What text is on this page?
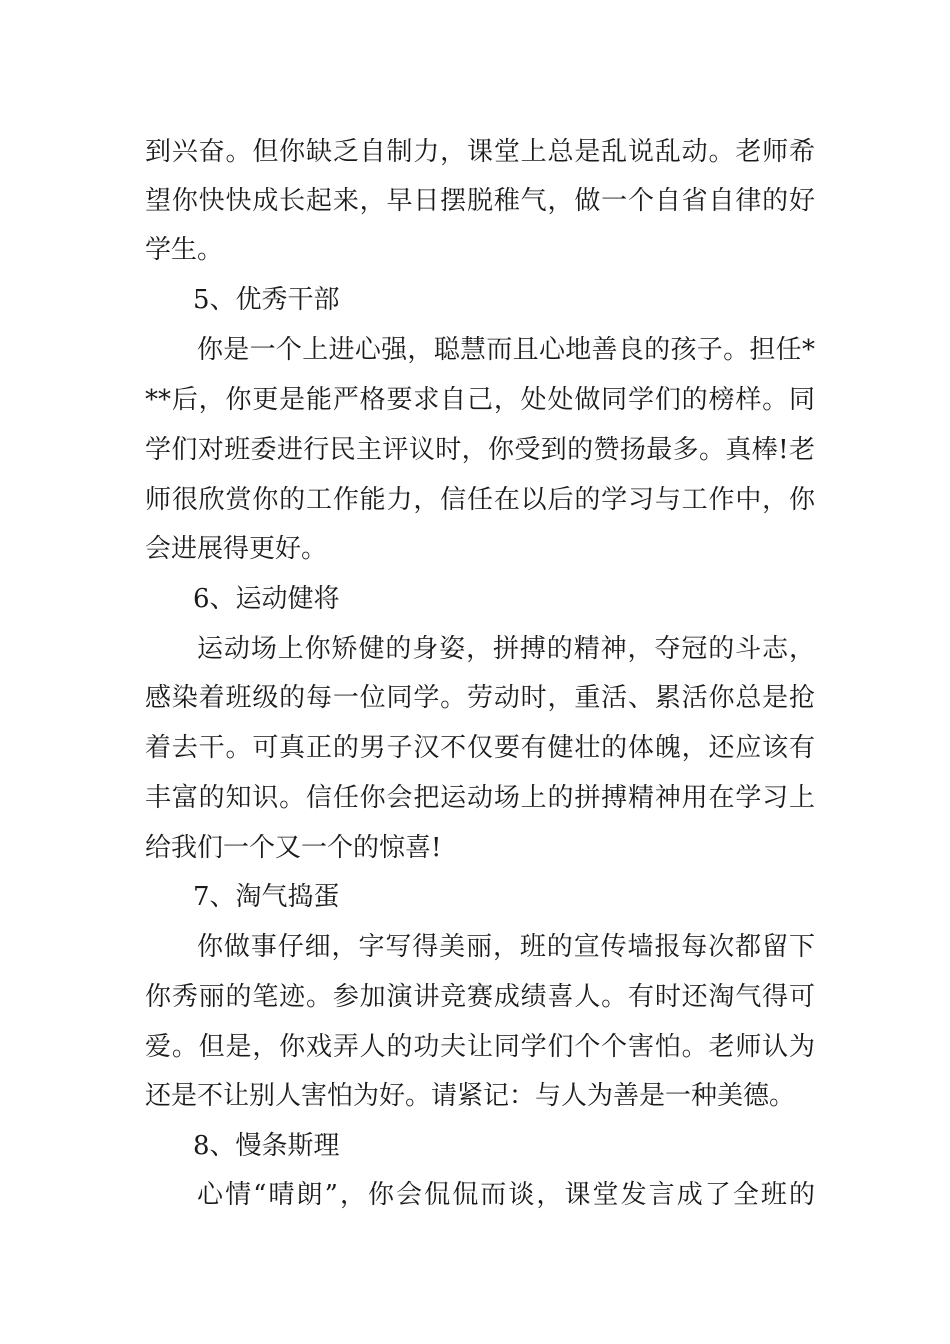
到兴奋。但你缺乏自制力，课堂上总是乱说乱动。老师希
望你快快成长起来，早日摆脱稚气，做一个自省自律的好
学生。
5、优秀干部
你是一个上进心强，聪慧而且心地善良的孩子。担任*
**后，你更是能严格要求自己，处处做同学们的榜样。同
学们对班委进行民主评议时，你受到的赞扬最多。真棒!老
师很欣赏你的工作能力，信任在以后的学习与工作中，你
会进展得更好。
6、运动健将
运动场上你矫健的身姿，拼搏的精神，夺冠的斗志，
感染着班级的每一位同学。劳动时，重活、累活你总是抢
着去干。可真正的男子汉不仅要有健壮的体魄，还应该有
丰富的知识。信任你会把运动场上的拼搏精神用在学习上
给我们一个又一个的惊喜!
7、淘气捣蛋
你做事仔细，字写得美丽，班的宣传墙报每次都留下
你秀丽的笔迹。参加演讲竞赛成绩喜人。有时还淘气得可
爱。但是，你戏弄人的功夫让同学们个个害怕。老师认为
还是不让别人害怕为好。请紧记：与人为善是一种美德。
8、慢条斯理
心情“晴朗”，你会侃侃而谈，课堂发言成了全班的
